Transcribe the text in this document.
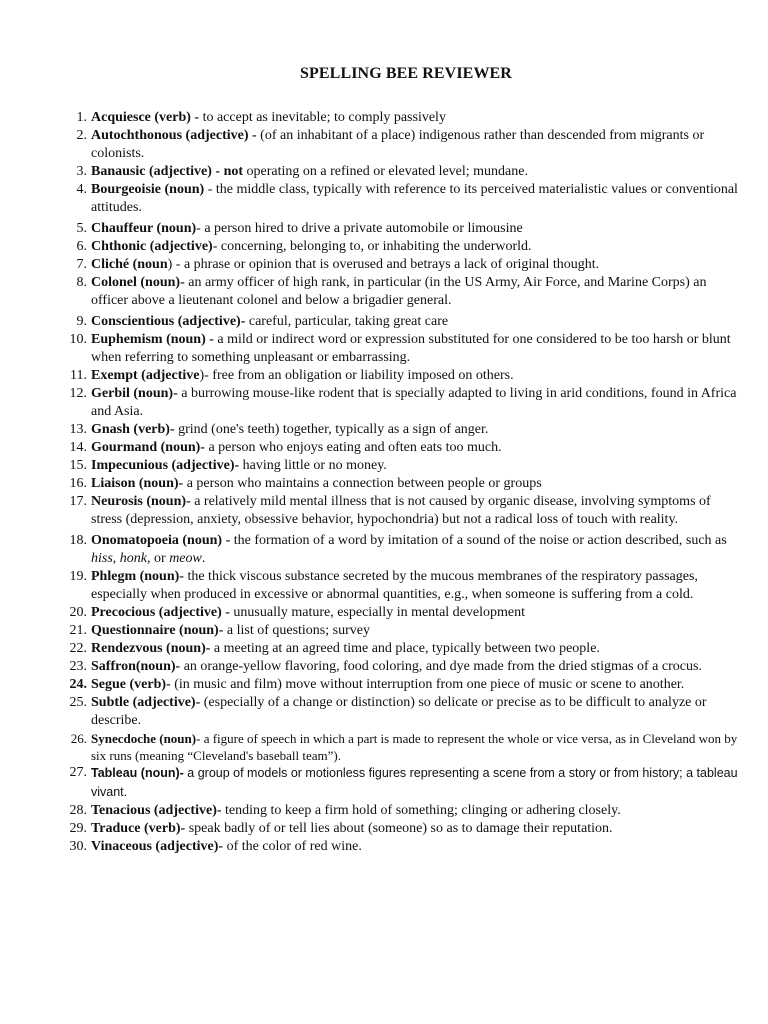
SPELLING BEE REVIEWER
1. Acquiesce (verb) - to accept as inevitable; to comply passively
2. Autochthonous (adjective) - (of an inhabitant of a place) indigenous rather than descended from migrants or colonists.
3. Banausic (adjective) - not operating on a refined or elevated level; mundane.
4. Bourgeoisie (noun) - the middle class, typically with reference to its perceived materialistic values or conventional attitudes.
5. Chauffeur (noun)- a person hired to drive a private automobile or limousine
6. Chthonic (adjective)- concerning, belonging to, or inhabiting the underworld.
7. Cliché (noun) - a phrase or opinion that is overused and betrays a lack of original thought.
8. Colonel (noun)- an army officer of high rank, in particular (in the US Army, Air Force, and Marine Corps) an officer above a lieutenant colonel and below a brigadier general.
9. Conscientious (adjective)- careful, particular, taking great care
10. Euphemism (noun) - a mild or indirect word or expression substituted for one considered to be too harsh or blunt when referring to something unpleasant or embarrassing.
11. Exempt (adjective)- free from an obligation or liability imposed on others.
12. Gerbil (noun)- a burrowing mouse-like rodent that is specially adapted to living in arid conditions, found in Africa and Asia.
13. Gnash (verb)- grind (one's teeth) together, typically as a sign of anger.
14. Gourmand (noun)- a person who enjoys eating and often eats too much.
15. Impecunious (adjective)- having little or no money.
16. Liaison (noun)- a person who maintains a connection between people or groups
17. Neurosis (noun)- a relatively mild mental illness that is not caused by organic disease, involving symptoms of stress (depression, anxiety, obsessive behavior, hypochondria) but not a radical loss of touch with reality.
18. Onomatopoeia (noun) - the formation of a word by imitation of a sound of the noise or action described, such as hiss, honk, or meow.
19. Phlegm (noun)- the thick viscous substance secreted by the mucous membranes of the respiratory passages, especially when produced in excessive or abnormal quantities, e.g., when someone is suffering from a cold.
20. Precocious (adjective) - unusually mature, especially in mental development
21. Questionnaire (noun)- a list of questions; survey
22. Rendezvous (noun)- a meeting at an agreed time and place, typically between two people.
23. Saffron(noun)- an orange-yellow flavoring, food coloring, and dye made from the dried stigmas of a crocus.
24. Segue (verb)- (in music and film) move without interruption from one piece of music or scene to another.
25. Subtle (adjective)- (especially of a change or distinction) so delicate or precise as to be difficult to analyze or describe.
26. Synecdoche (noun)- a figure of speech in which a part is made to represent the whole or vice versa, as in Cleveland won by six runs (meaning “Cleveland's baseball team”).
27. Tableau (noun)- a group of models or motionless figures representing a scene from a story or from history; a tableau vivant.
28. Tenacious (adjective)- tending to keep a firm hold of something; clinging or adhering closely.
29. Traduce (verb)- speak badly of or tell lies about (someone) so as to damage their reputation.
30. Vinaceous (adjective)- of the color of red wine.
